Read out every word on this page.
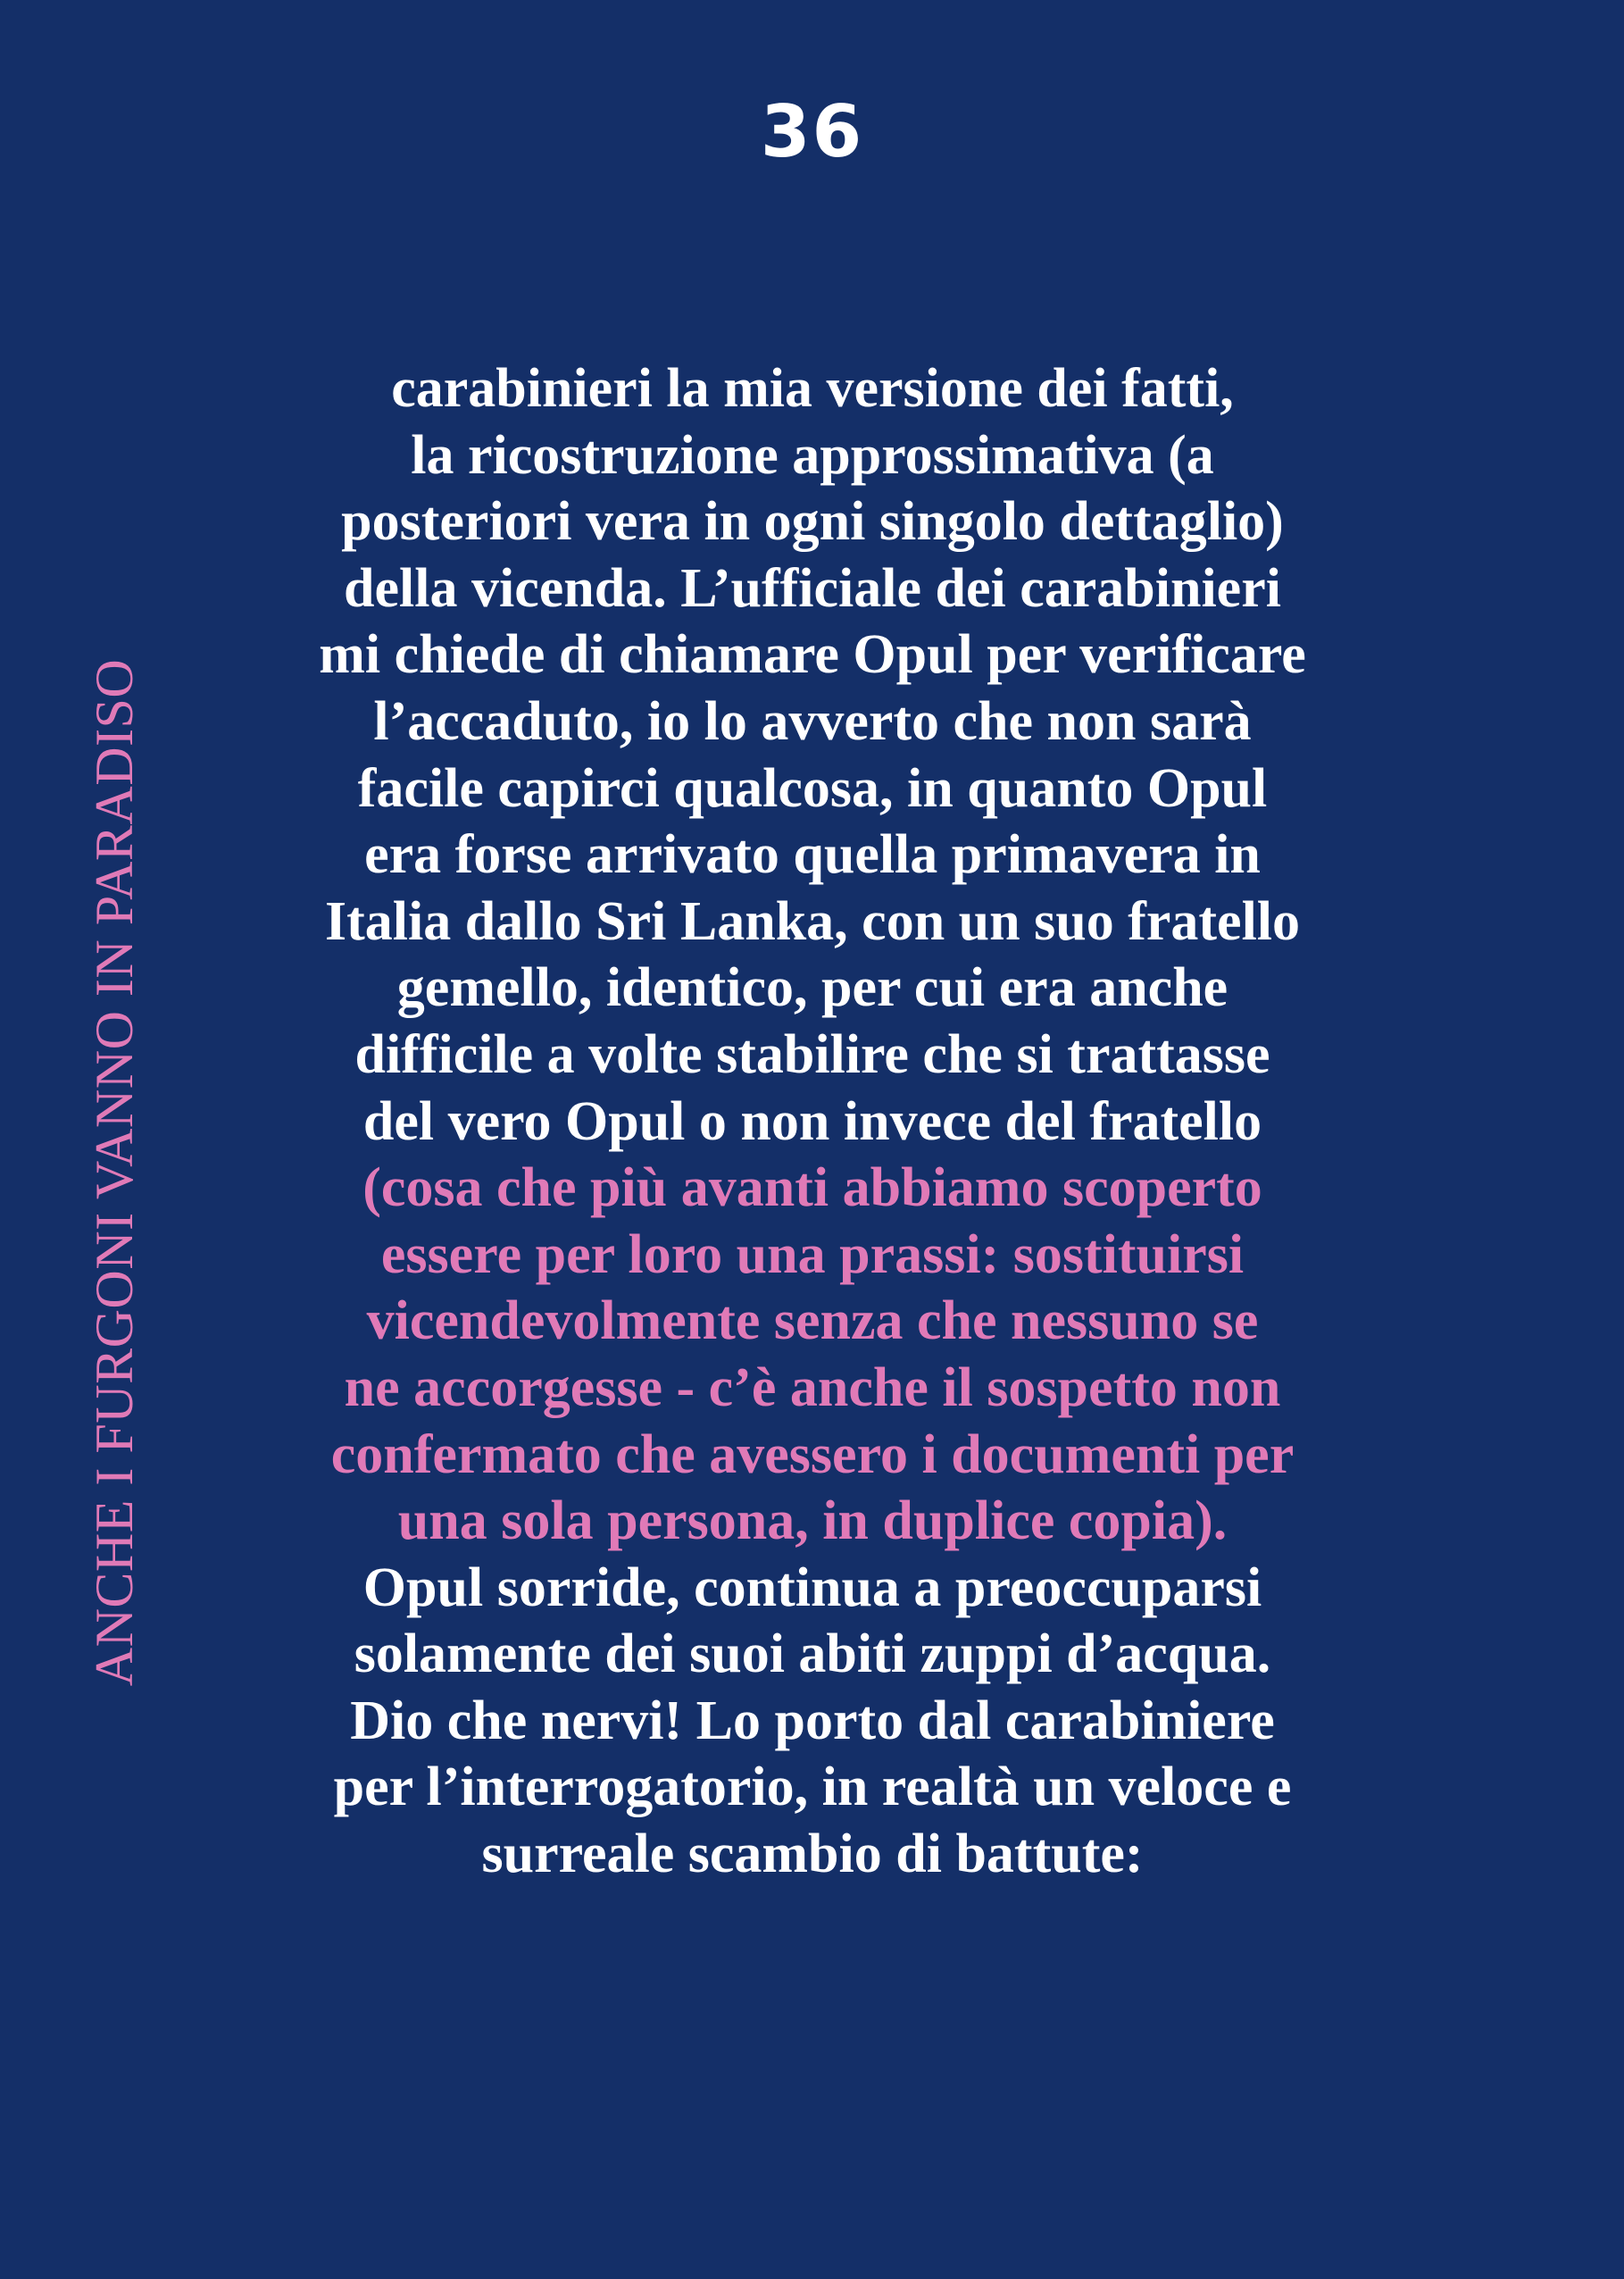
36
ANCHE I FURGONI VANNO IN PARADISO
carabinieri la mia versione dei fatti,
la ricostruzione approssimativa (a
posteriori vera in ogni singolo dettaglio)
della vicenda. L’ufficiale dei carabinieri
mi chiede di chiamare Opul per verificare
l’accaduto, io lo avverto che non sarà
facile capirci qualcosa, in quanto Opul
era forse arrivato quella primavera in
Italia dallo Sri Lanka, con un suo fratello
gemello, identico, per cui era anche
difficile a volte stabilire che si trattasse
del vero Opul o non invece del fratello
(cosa che più avanti abbiamo scoperto
essere per loro una prassi: sostituirsi
vicendevolmente senza che nessuno se
ne accorgesse - c’è anche il sospetto non
confermato che avessero i documenti per
una sola persona, in duplice copia).
Opul sorride, continua a preoccuparsi
solamente dei suoi abiti zuppi d’acqua.
Dio che nervi! Lo porto dal carabiniere
per l’interrogatorio, in realtà un veloce e
surreale scambio di battute:
